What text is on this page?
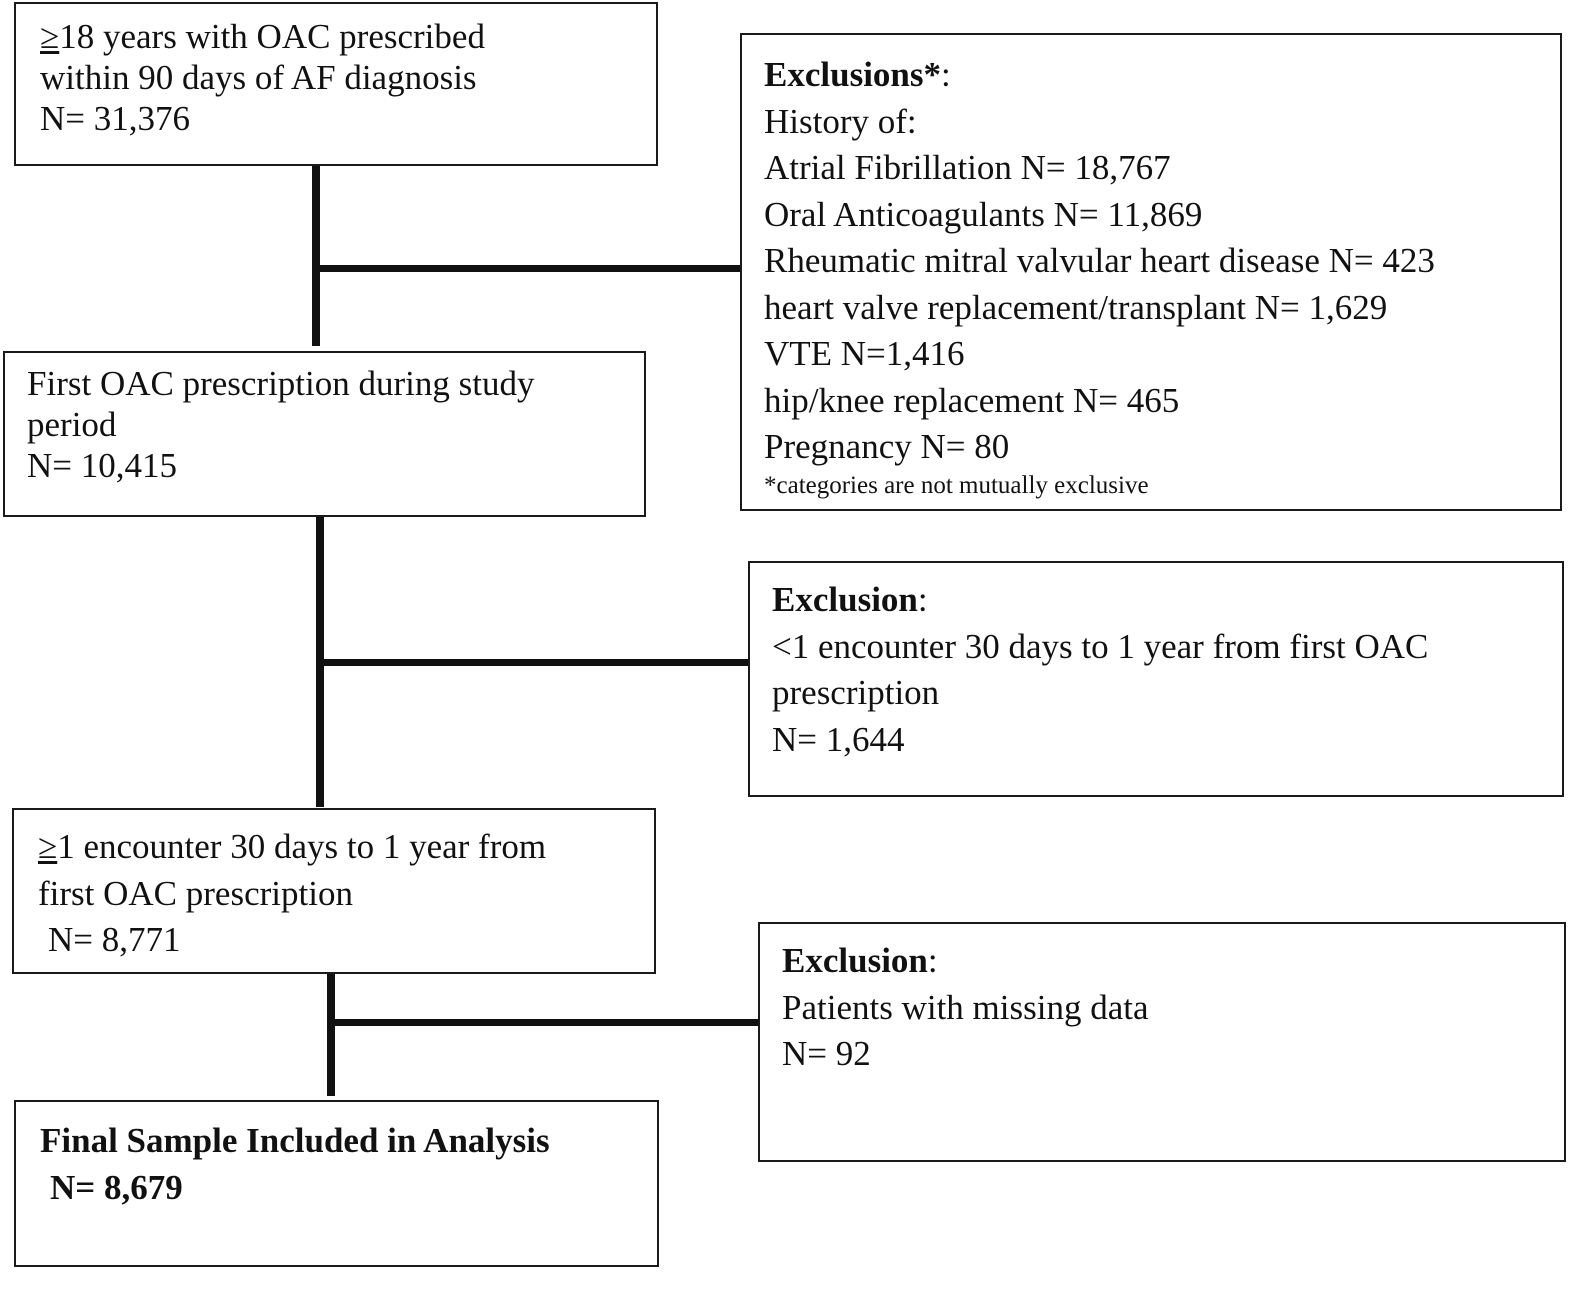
≥18 years with OAC prescribed
within 90 days of AF diagnosis
N= 31,376
First OAC prescription during study
period
N= 10,415
≥1 encounter 30 days to 1 year from
first OAC prescription
N= 8,771
Final Sample Included in Analysis
N= 8,679
Exclusions*:
History of:
Atrial Fibrillation N= 18,767
Oral Anticoagulants N= 11,869
Rheumatic mitral valvular heart disease N= 423
heart valve replacement/transplant N= 1,629
VTE N=1,416
hip/knee replacement N= 465
Pregnancy N= 80
*categories are not mutually exclusive
Exclusion:
<1 encounter 30 days to 1 year from first OAC
prescription
N= 1,644
Exclusion:
Patients with missing data
N= 92
